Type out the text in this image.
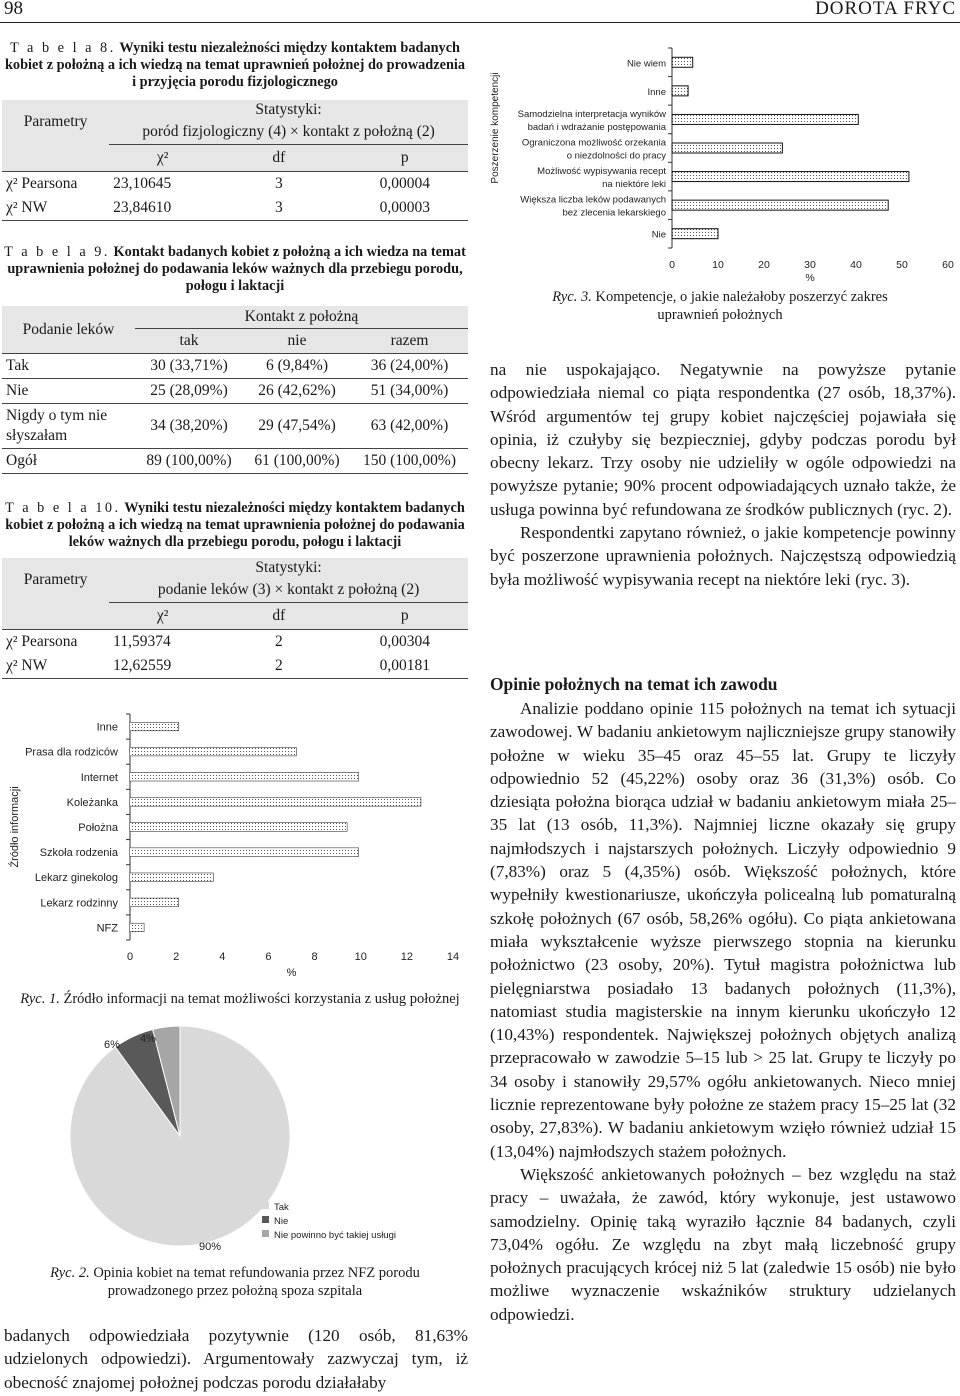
98	DOROTA FRYC
T a b e l a 8. Wyniki testu niezależności między kontaktem badanych kobiet z położną a ich wiedzą na temat uprawnień położnej do prowadzenia i przyjęcia porodu fizjologicznego
Parametry	Statystyki:		
	poród fizjologiczny (4) × kontakt z położną (2)		
	χ²	df	p
χ² Pearsona	23,10645	3	0,00004
χ² NW	23,84610	3	0,00003
T a b e l a 9. Kontakt badanych kobiet z położną a ich wiedza na temat uprawnienia położnej do podawania leków ważnych dla przebiegu porodu, połogu i laktacji
Podanie leków	Kontakt z położną		
	tak	nie	razem
Tak	30 (33,71%)	6 (9,84%)	36 (24,00%)
Nie	25 (28,09%)	26 (42,62%)	51 (34,00%)
Nigdy o tym nie słyszałam	34 (38,20%)	29 (47,54%)	63 (42,00%)
Ogół	89 (100,00%)	61 (100,00%)	150 (100,00%)
T a b e l a 10. Wyniki testu niezależności między kontaktem badanych kobiet z położną a ich wiedzą na temat uprawnienia położnej do podawania leków ważnych dla przebiegu porodu, połogu i laktacji
Parametry	Statystyki:		
	podanie leków (3) × kontakt z położną (2)		
	χ²	df	p
χ² Pearsona	11,59374	2	0,00304
χ² NW	12,62559	2	0,00181
Inne
Prasa dla rodziców
Internet
Koleżanka
Położna
Szkoła rodzenia
Lekarz ginekolog
Lekarz rodzinny
NFZ
0	2	4	6	8	10	12	14
%
Źródło informacji
Ryc. 1. Źródło informacji na temat możliwości korzystania z usług położnej
90%
6% 4%
Tak
Nie
Nie powinno być takiej usługi
Ryc. 2. Opinia kobiet na temat refundowania przez NFZ porodu prowadzonego przez położną spoza szpitala

badanych odpowiedziała pozytywnie (120 osób, 81,63% udzielonych odpowiedzi). Argumentowały zazwyczaj tym, iż obecność znajomej położnej podczas porodu działałaby

Nie wiem
Inne
Samodzielna interpretacja wyników
badań i wdrażanie postępowania
Ograniczona możliwość orzekania
o niezdolności do pracy
Możliwość wypisywania recept
na niektóre leki
Większa liczba leków podawanych
bez zlecenia lekarskiego
Nie
0	10	20	30	40	50	60
%
Poszerzenie kompetencji
Ryc. 3. Kompetencje, o jakie należałoby poszerzyć zakres uprawnień położnych

na nie uspokajająco. Negatywnie na powyższe pytanie odpowiedziała niemal co piąta respondentka (27 osób, 18,37%). Wśród argumentów tej grupy kobiet najczęściej pojawiała się opinia, iż czułyby się bezpieczniej, gdyby podczas porodu był obecny lekarz. Trzy osoby nie udzieliły w ogóle odpowiedzi na powyższe pytanie; 90% procent odpowiadających uznało także, że usługa powinna być refundowana ze środków publicznych (ryc. 2).

Respondentki zapytano również, o jakie kompetencje powinny być poszerzone uprawnienia położnych. Najczęstszą odpowiedzią była możliwość wypisywania recept na niektóre leki (ryc. 3).

Opinie położnych na temat ich zawodu

Analizie poddano opinie 115 położnych na temat ich sytuacji zawodowej. W badaniu ankietowym najliczniejsze grupy stanowiły położne w wieku 35–45 oraz 45–55 lat. Grupy te liczyły odpowiednio 52 (45,22%) osoby oraz 36 (31,3%) osób. Co dziesiąta położna biorąca udział w badaniu ankietowym miała 25–35 lat (13 osób, 11,3%). Najmniej liczne okazały się grupy najmłodszych i najstarszych położnych. Liczyły odpowiednio 9 (7,83%) oraz 5 (4,35%) osób. Większość położnych, które wypełniły kwestionariusze, ukończyła policealną lub pomaturalną szkołę położnych (67 osób, 58,26% ogółu). Co piąta ankietowana miała wykształcenie wyższe pierwszego stopnia na kierunku położnictwo (23 osoby, 20%). Tytuł magistra położnictwa lub pielęgniarstwa posiadało 13 badanych położnych (11,3%), natomiast studia magisterskie na innym kierunku ukończyło 12 (10,43%) respondentek. Największej położnych objętych analizą przepracowało w zawodzie 5–15 lub > 25 lat. Grupy te liczyły po 34 osoby i stanowiły 29,57% ogółu ankietowanych. Nieco mniej licznie reprezentowane były położne ze stażem pracy 15–25 lat (32 osoby, 27,83%). W badaniu ankietowym wzięło również udział 15 (13,04%) najmłodszych stażem położnych.

Większość ankietowanych położnych – bez względu na staż pracy – uważała, że zawód, który wykonuje, jest ustawowo samodzielny. Opinię taką wyraziło łącznie 84 badanych, czyli 73,04% ogółu. Ze względu na zbyt małą liczebność grupy położnych pracujących krócej niż 5 lat (zaledwie 15 osób) nie było możliwe wyznaczenie wskaźników struktury udzielanych odpowiedzi.
